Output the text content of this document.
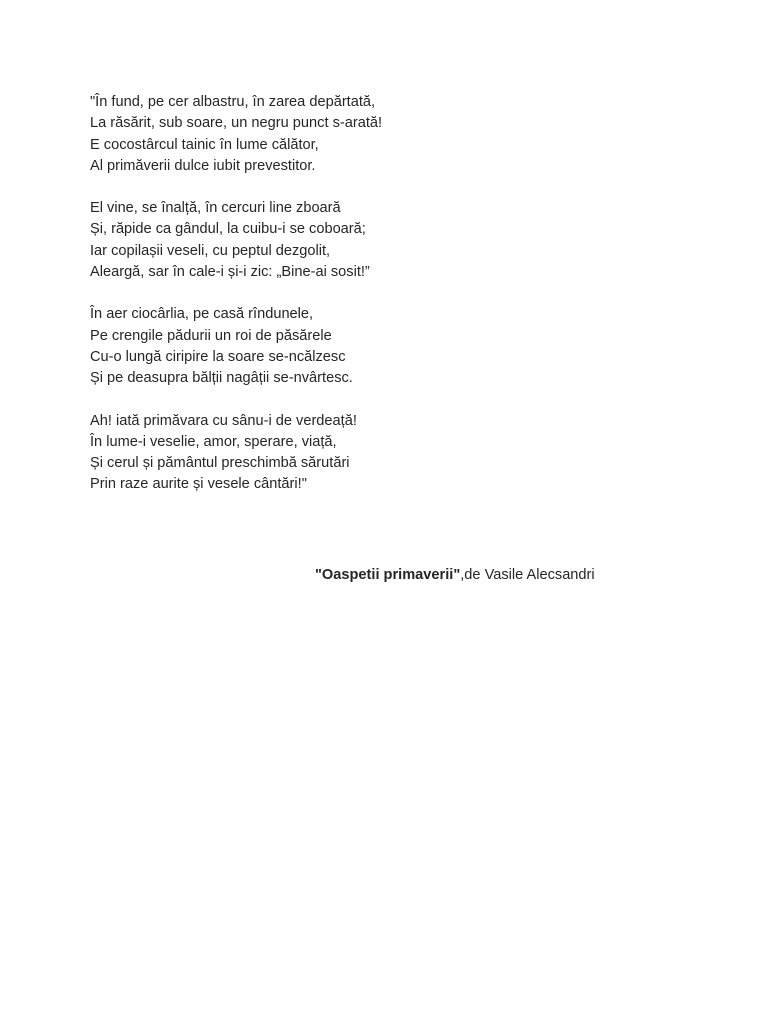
"În fund, pe cer albastru, în zarea depărtată,
La răsărit, sub soare, un negru punct s-arată!
E cocostârcul tainic în lume călător,
Al primăverii dulce iubit prevestitor.
El vine, se înalță, în cercuri line zboară
Și, răpide ca gândul, la cuibu-i se coboară;
Iar copilașii veseli, cu peptul dezgolit,
Aleargă, sar în cale-i și-i zic: „Bine-ai sosit!”
În aer ciocârlia, pe casă rîndunele,
Pe crengile pădurii un roi de păsărele
Cu-o lungă ciripire la soare se-ncălzesc
Și pe deasupra bălții nagâții se-nvârtesc.
Ah! iată primăvara cu sânu-i de verdeață!
În lume-i veselie, amor, sperare, viață,
Și cerul și pământul preschimbă sărutări
Prin raze aurite și vesele cântări!"
"Oaspetii primaverii",de Vasile Alecsandri
